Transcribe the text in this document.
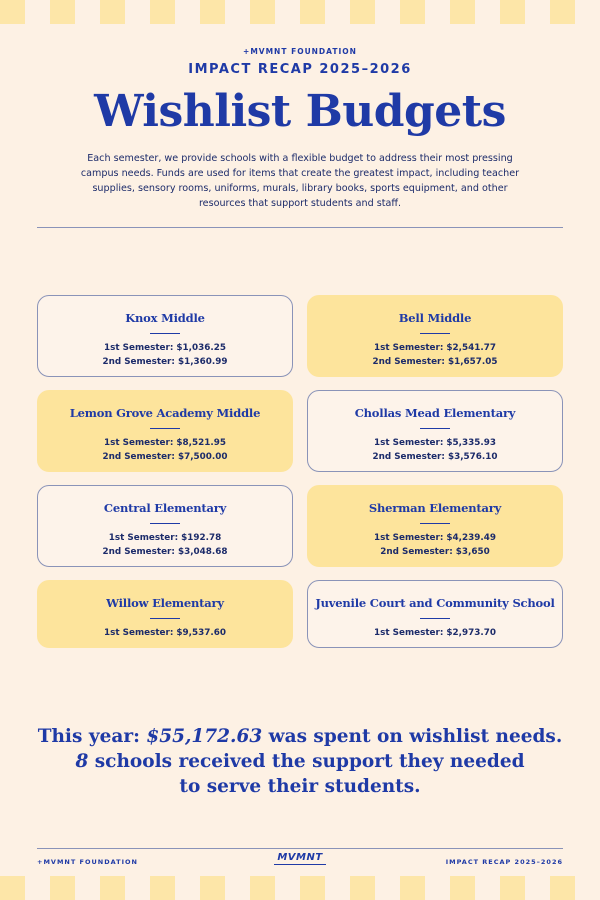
+MVMNT FOUNDATION
IMPACT RECAP 2025–2026
Wishlist Budgets
Each semester, we provide schools with a flexible budget to address their most pressing campus needs. Funds are used for items that create the greatest impact, including teacher supplies, sensory rooms, uniforms, murals, library books, sports equipment, and other resources that support students and staff.
Knox Middle
1st Semester: $1,036.25
2nd Semester: $1,360.99
Bell Middle
1st Semester: $2,541.77
2nd Semester: $1,657.05
Lemon Grove Academy Middle
1st Semester: $8,521.95
2nd Semester: $7,500.00
Chollas Mead Elementary
1st Semester: $5,335.93
2nd Semester: $3,576.10
Central Elementary
1st Semester: $192.78
2nd Semester: $3,048.68
Sherman Elementary
1st Semester: $4,239.49
2nd Semester: $3,650
Willow Elementary
1st Semester: $9,537.60
Juvenile Court and Community School
1st Semester: $2,973.70
This year: $55,172.63 was spent on wishlist needs.
8 schools received the support they needed
to serve their students.
+MVMNT FOUNDATION	MVMNT	IMPACT RECAP 2025–2026
